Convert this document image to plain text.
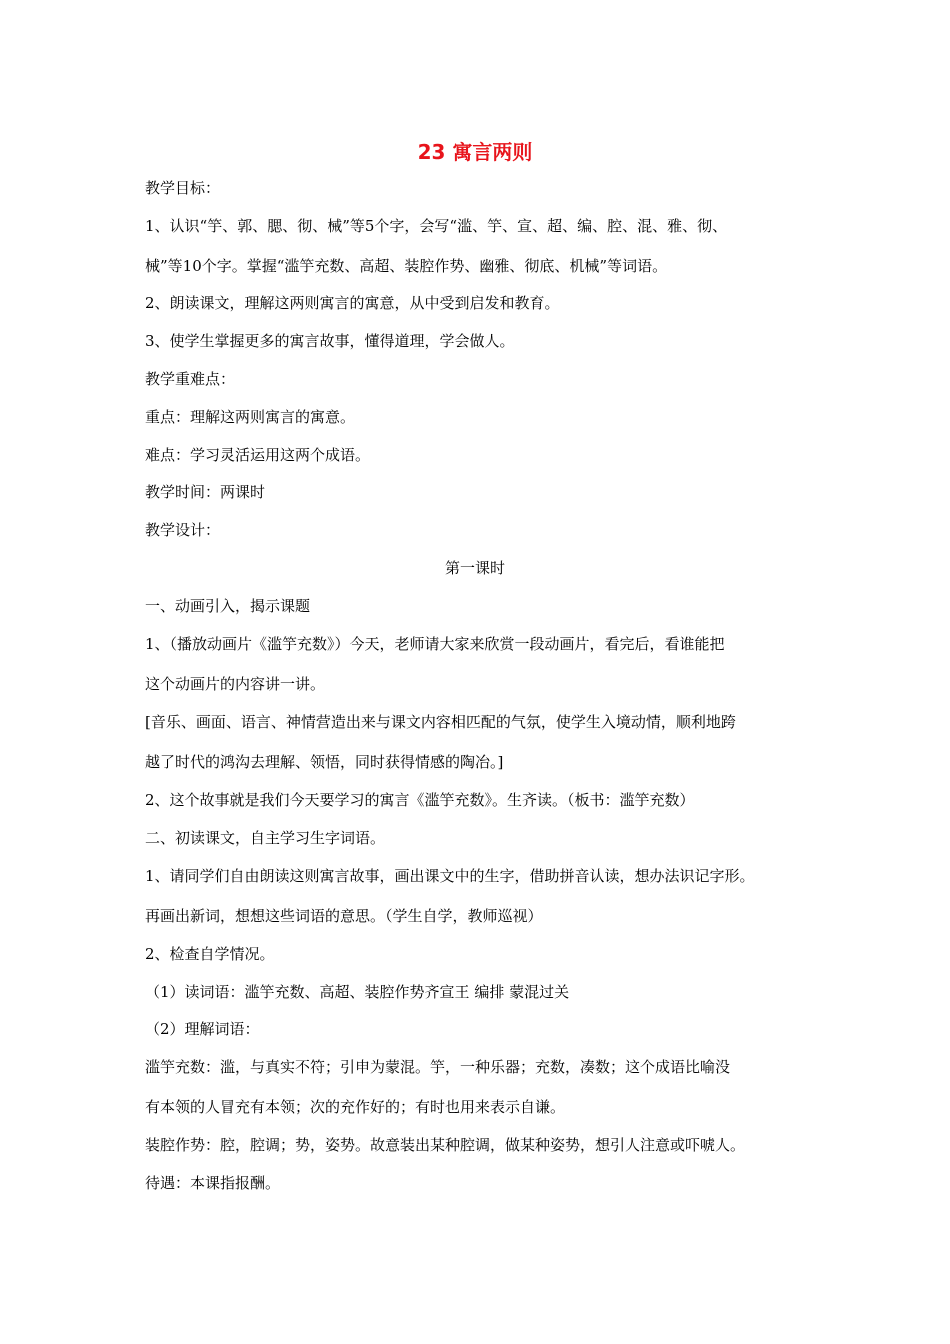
23 寓言两则
教学目标：
1、认识“竽、郭、腮、彻、械”等5个字，会写“滥、竽、宣、超、编、腔、混、雅、彻、
械”等10个字。掌握“滥竽充数、高超、装腔作势、幽雅、彻底、机械”等词语。
2、朗读课文，理解这两则寓言的寓意，从中受到启发和教育。
3、使学生掌握更多的寓言故事，懂得道理，学会做人。
教学重难点：
重点：理解这两则寓言的寓意。
难点：学习灵活运用这两个成语。
教学时间：两课时
教学设计：
第一课时
一、动画引入，揭示课题
1、（播放动画片《滥竽充数》）今天，老师请大家来欣赏一段动画片，看完后，看谁能把
这个动画片的内容讲一讲。
[音乐、画面、语言、神情营造出来与课文内容相匹配的气氛，使学生入境动情，顺利地跨
越了时代的鸿沟去理解、领悟，同时获得情感的陶冶。]
2、这个故事就是我们今天要学习的寓言《滥竽充数》。生齐读。（板书：滥竽充数）
二、初读课文，自主学习生字词语。
1、请同学们自由朗读这则寓言故事，画出课文中的生字，借助拼音认读，想办法识记字形。
再画出新词，想想这些词语的意思。（学生自学，教师巡视）
2、检查自学情况。
（1）读词语：滥竽充数、高超、装腔作势齐宣王 编排 蒙混过关
（2）理解词语：
滥竽充数：滥，与真实不符；引申为蒙混。竽，一种乐器；充数，凑数；这个成语比喻没
有本领的人冒充有本领；次的充作好的；有时也用来表示自谦。
装腔作势：腔，腔调；势，姿势。故意装出某种腔调，做某种姿势，想引人注意或吓唬人。
待遇：本课指报酬。
